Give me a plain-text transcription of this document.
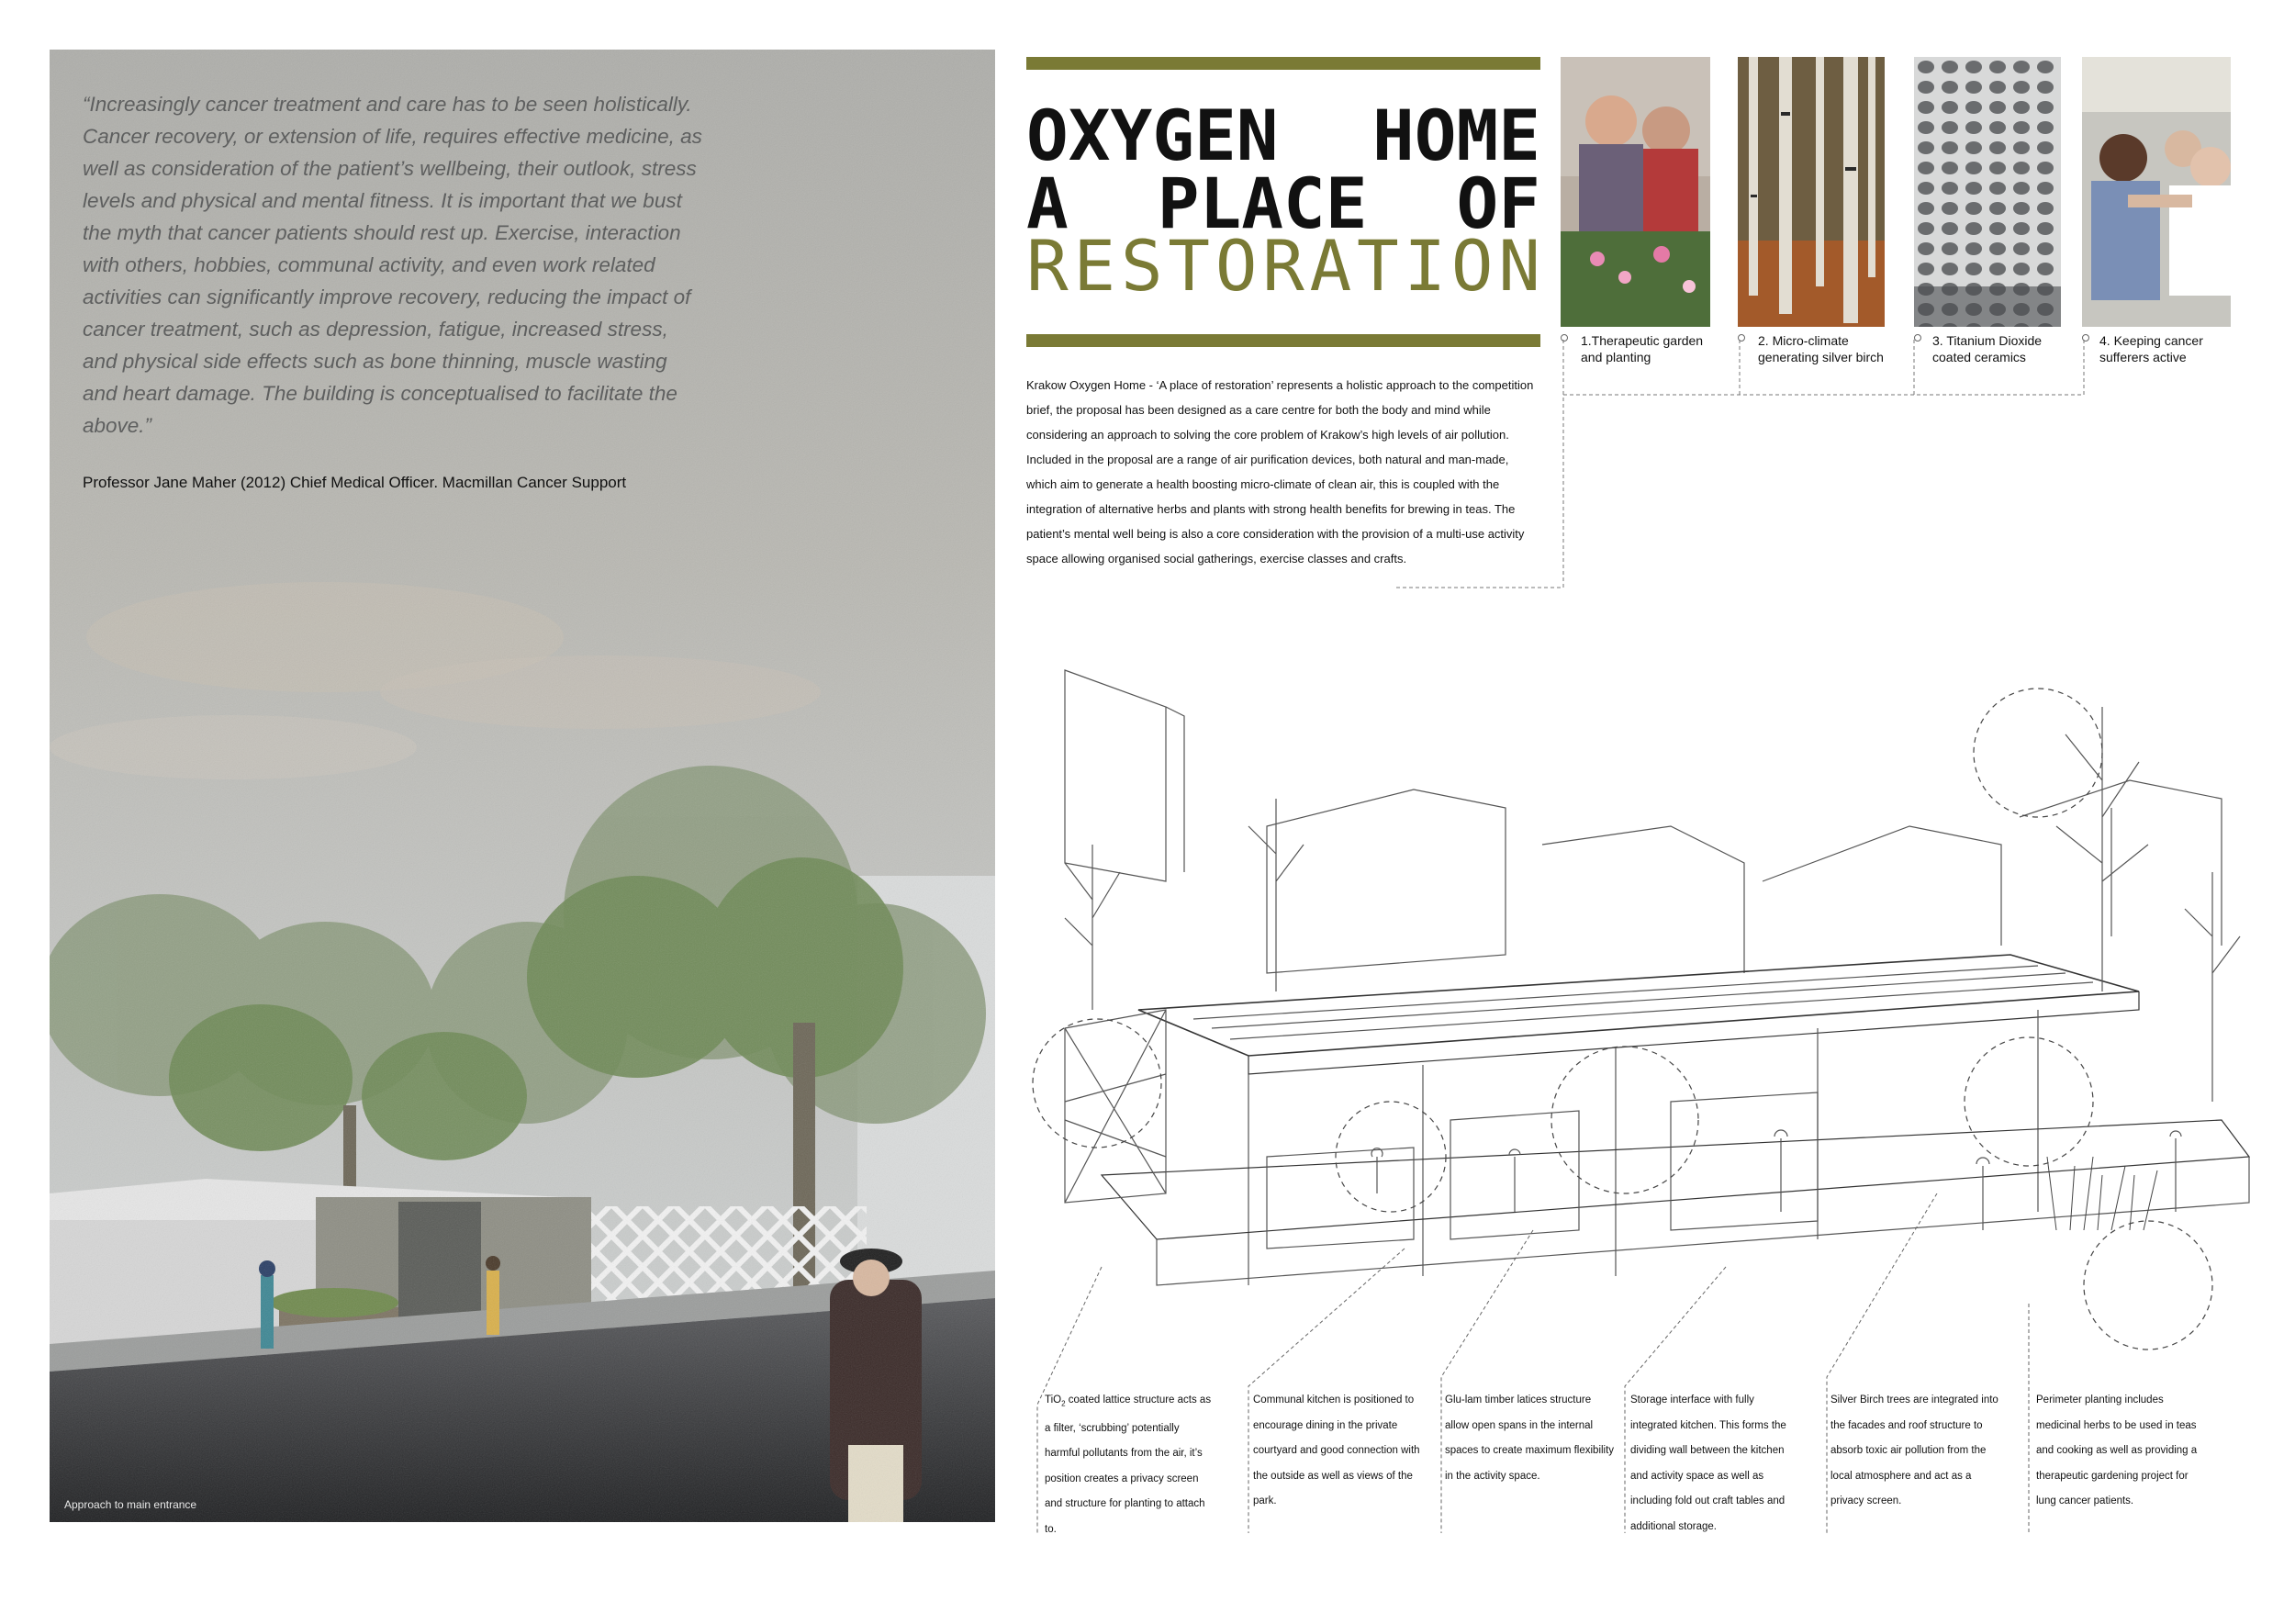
“Increasingly cancer treatment and care has to be seen holistically. Cancer recovery, or extension of life, requires effective medicine, as well as consideration of the patient’s wellbeing, their outlook, stress levels and physical and mental fitness. It is important that we bust the myth that cancer patients should rest up. Exercise, interaction with others, hobbies, communal activity, and even work related activities can significantly improve recovery, reducing the impact of cancer treatment, such as depression, fatigue, increased stress, and physical side effects such as bone thinning, muscle wasting and heart damage. The building is conceptualised to facilitate the above.”

Professor Jane Maher (2012) Chief Medical Officer. Macmillan Cancer Support

Approach to main entrance
OXYGEN HOME
A PLACE OF
R E S T O R A T I O N

Krakow Oxygen Home - ‘A place of restoration’ represents a holistic approach to the competition brief, the proposal has been designed as a care centre for both the body and mind while considering an approach to solving the core problem of Krakow’s high levels of air pollution. Included in the proposal are a range of air purification devices, both natural and man-made, which aim to generate a health boosting micro-climate of clean air, this is coupled with the integration of alternative herbs and plants with strong health benefits for brewing in teas. The patient’s mental well being is also a core consideration with the provision of a multi-use activity space allowing organised social gatherings, exercise classes and crafts.

1.Therapeutic garden and planting
2. Micro-climate generating silver birch
3. Titanium Dioxide coated ceramics
4. Keeping cancer sufferers active

TiO$_2$ coated lattice structure acts as a filter, ‘scrubbing’ potentially harmful pollutants from the air, it’s position creates a privacy screen and structure for planting to attach to.

Communal kitchen is positioned to encourage dining in the private courtyard and good connection with the outside as well as views of the park.

Glu-lam timber latices structure allow open spans in the internal spaces to create maximum flexibility in the activity space.

Storage interface with fully integrated kitchen. This forms the dividing wall between the kitchen and activity space as well as including fold out craft tables and additional storage.

Silver Birch trees are integrated into the facades and roof structure to absorb toxic air pollution from the local atmosphere and act as a privacy screen.

Perimeter planting includes medicinal herbs to be used in teas and cooking as well as providing a therapeutic gardening project for lung cancer patients.
